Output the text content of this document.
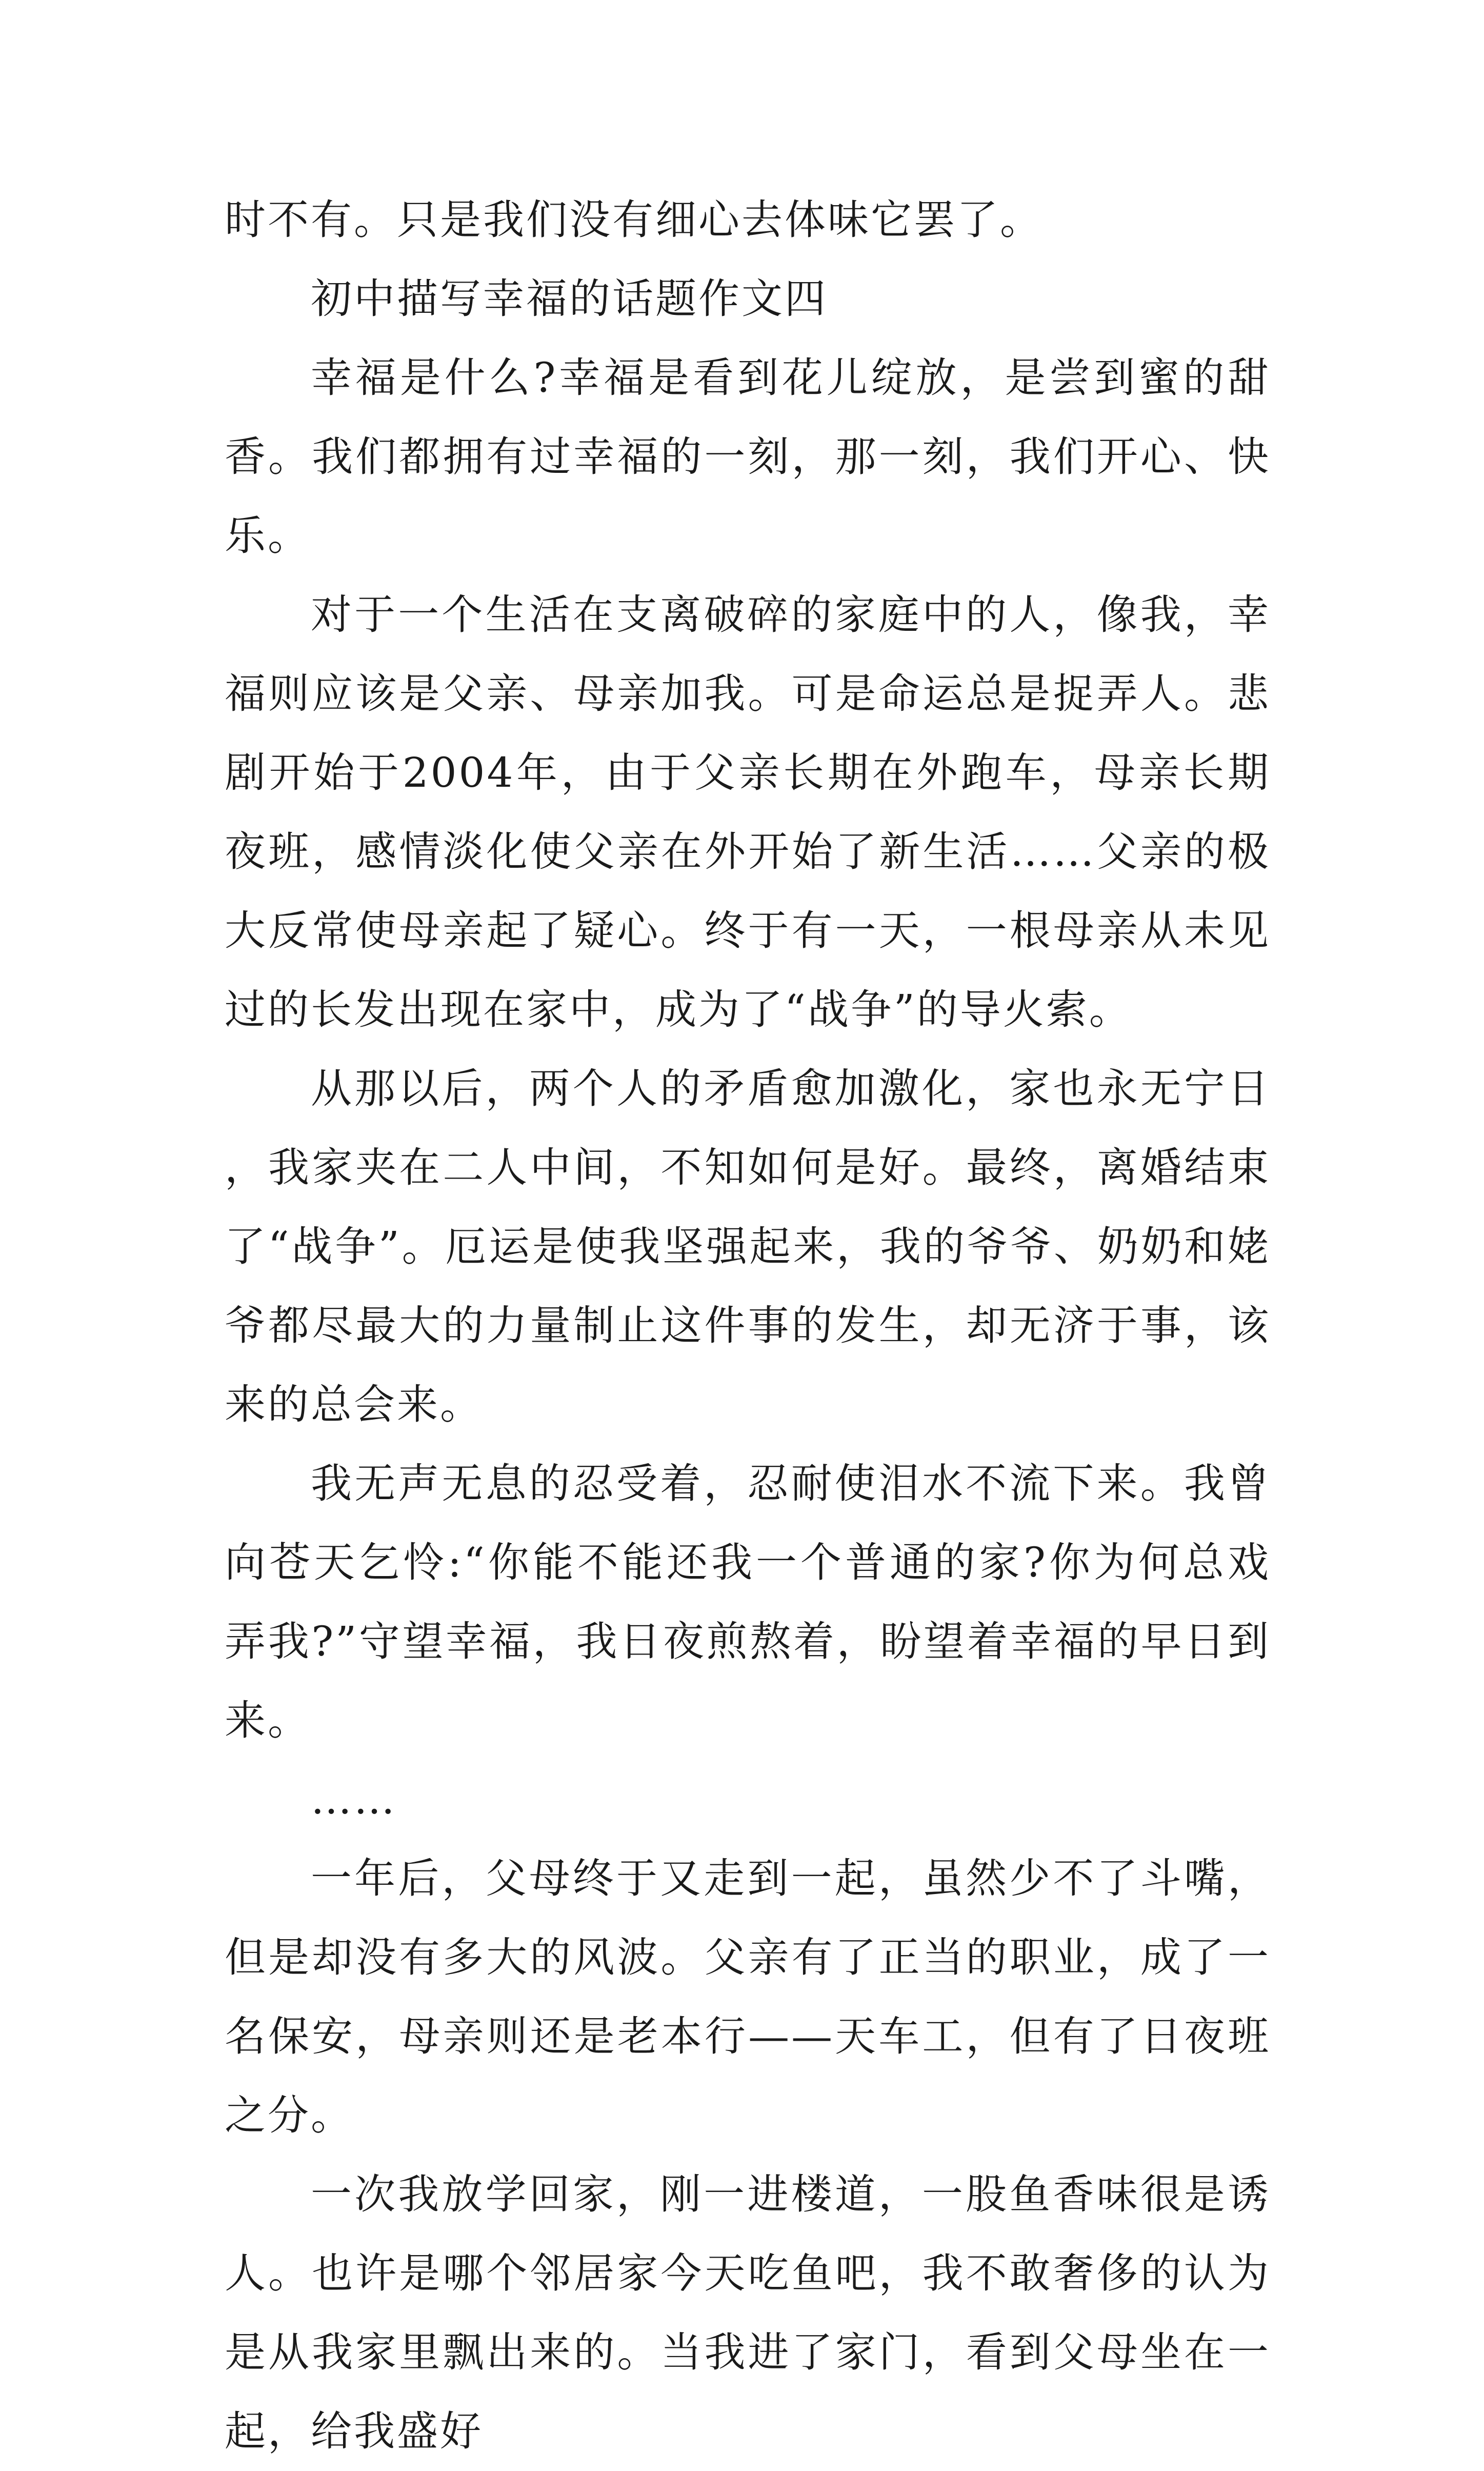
时不有。只是我们没有细心去体味它罢了。

初中描写幸福的话题作文四

幸福是什么?幸福是看到花儿绽放，是尝到蜜的甜香。我们都拥有过幸福的一刻，那一刻，我们开心、快乐。

对于一个生活在支离破碎的家庭中的人，像我，幸福则应该是父亲、母亲加我。可是命运总是捉弄人。悲剧开始于2004年，由于父亲长期在外跑车，母亲长期夜班，感情淡化使父亲在外开始了新生活……父亲的极大反常使母亲起了疑心。终于有一天，一根母亲从未见过的长发出现在家中，成为了“战争”的导火索。

从那以后，两个人的矛盾愈加激化，家也永无宁日，我家夹在二人中间，不知如何是好。最终，离婚结束了“战争”。厄运是使我坚强起来，我的爷爷、奶奶和姥爷都尽最大的力量制止这件事的发生，却无济于事，该来的总会来。

我无声无息的忍受着，忍耐使泪水不流下来。我曾向苍天乞怜:“你能不能还我一个普通的家?你为何总戏弄我?”守望幸福，我日夜煎熬着，盼望着幸福的早日到来。

……

一年后，父母终于又走到一起，虽然少不了斗嘴，但是却没有多大的风波。父亲有了正当的职业，成了一名保安，母亲则还是老本行——天车工，但有了日夜班之分。

一次我放学回家，刚一进楼道，一股鱼香味很是诱人。也许是哪个邻居家今天吃鱼吧，我不敢奢侈的认为是从我家里飘出来的。当我进了家门，看到父母坐在一起，给我盛好
